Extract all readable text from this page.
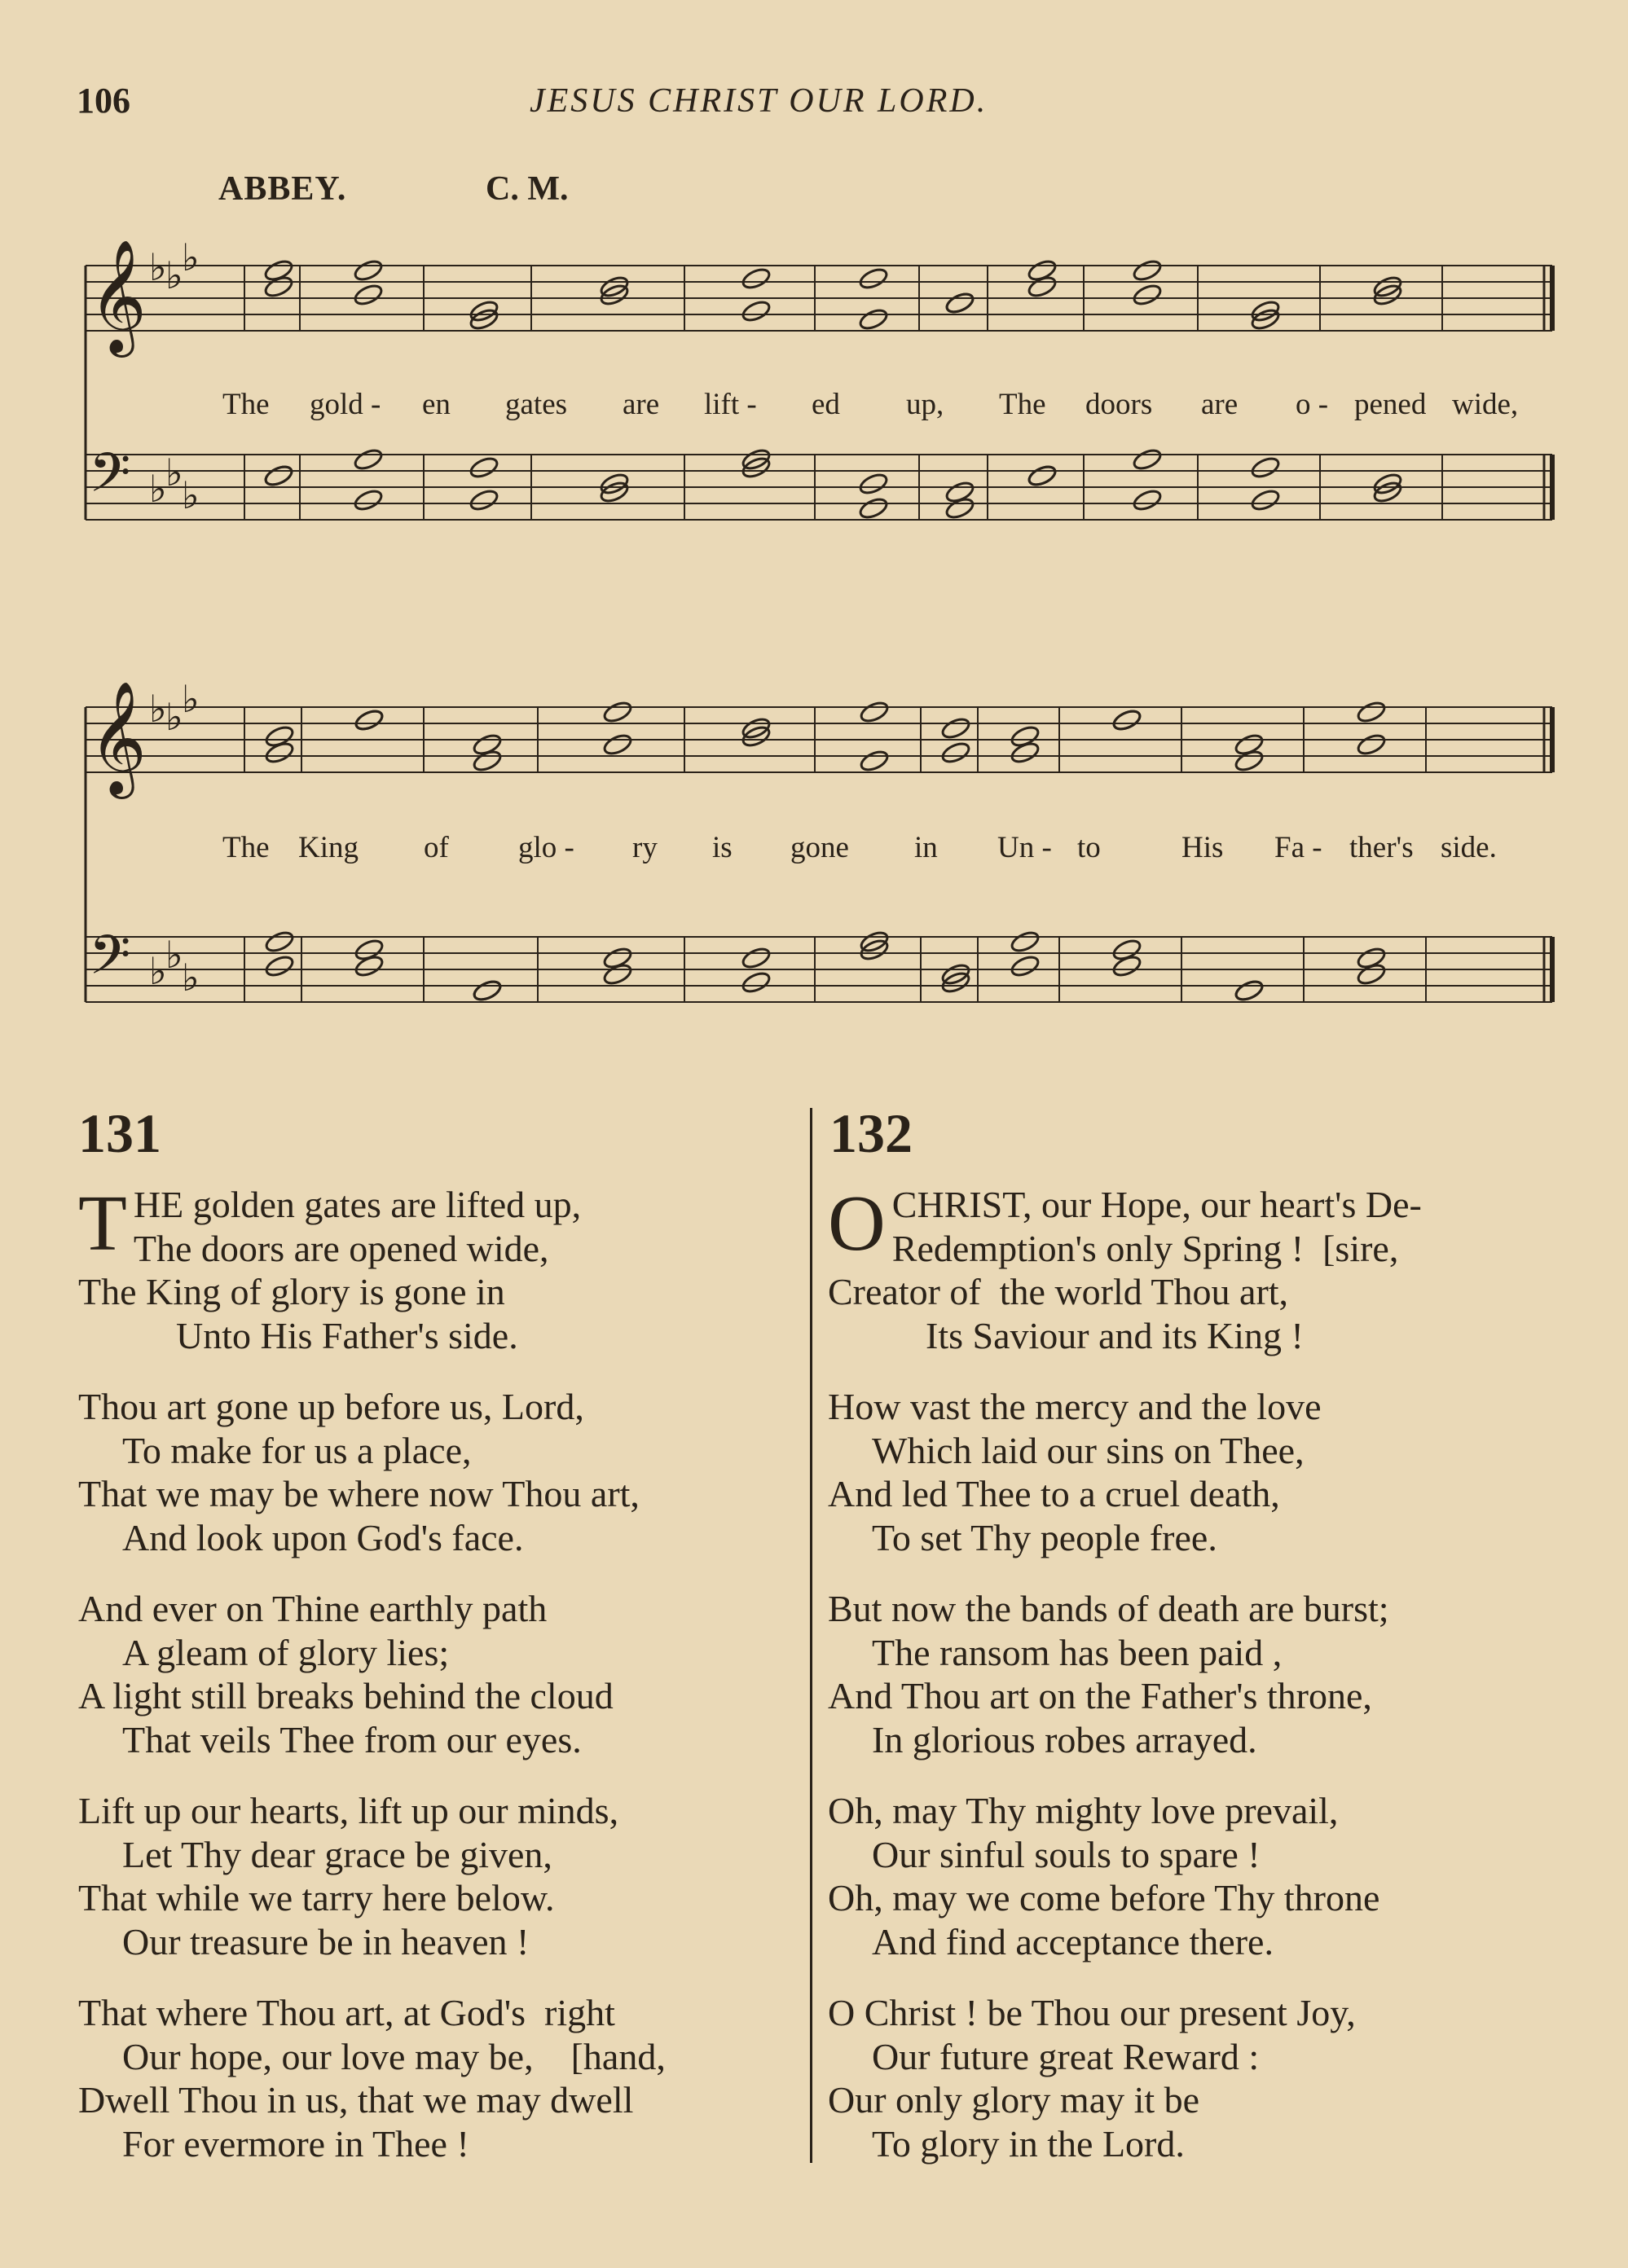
106	JESUS CHRIST OUR LORD.
ABBEY.	C. M.
𝄞 ♭
♭
♭
𝄢 ♭
♭
♭
𝄞 ♭
♭
♭
𝄢 ♭
♭
♭
The gold - en gates are lift - ed up, The doors are o - pened wide,
The King of glo - ry is gone in Un - to	His Fa - ther's side.
131	132
T HE golden gates are lifted up,
The doors are opened wide,
The King of glory is gone in
Unto His Father's side.
Thou art gone up before us, Lord,
To make for us a place,
That we may be where now Thou art,
And look upon God's face.
And ever on Thine earthly path
A gleam of glory lies;
A light still breaks behind the cloud
That veils Thee from our eyes.
Lift up our hearts, lift up our minds,
Let Thy dear grace be given,
That while we tarry here below.
Our treasure be in heaven !
That where Thou art, at God's  right
Our hope, our love may be,    [hand,
Dwell Thou in us, that we may dwell
For evermore in Thee !
O CHRIST, our Hope, our heart's De-
Redemption's only Spring !  [sire,
Creator of  the world Thou art,
Its Saviour and its King !
How vast the mercy and the love
Which laid our sins on Thee,
And led Thee to a cruel death,
To set Thy people free.
But now the bands of death are burst;
The ransom has been paid ,
And Thou art on the Father's throne,
In glorious robes arrayed.
Oh, may Thy mighty love prevail,
Our sinful souls to spare !
Oh, may we come before Thy throne
And find acceptance there.
O Christ ! be Thou our present Joy,
Our future great Reward :
Our only glory may it be
To glory in the Lord.
